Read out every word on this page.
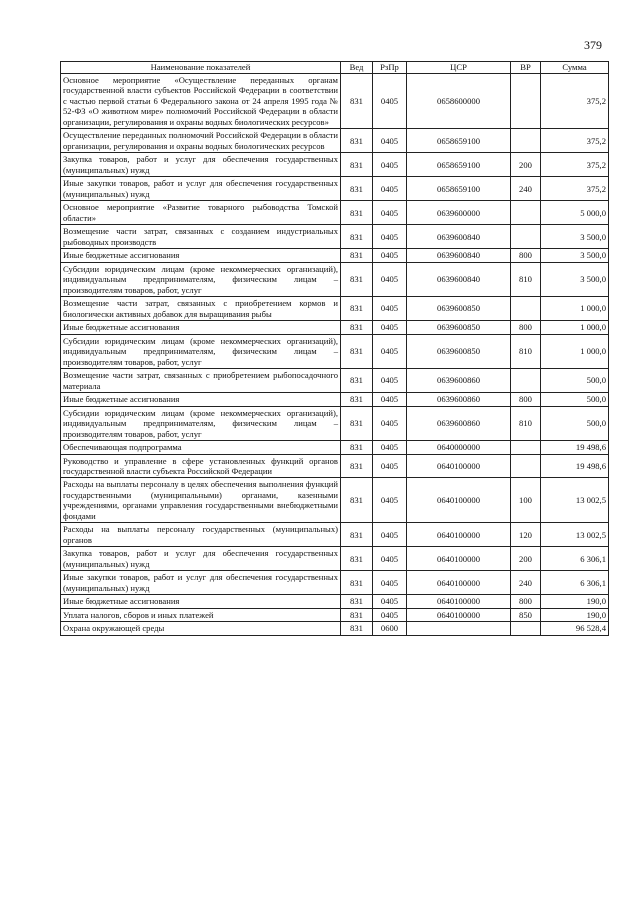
379
Наименование показателей	Вед	РзПр	ЦСР	ВР	Сумма
Основное мероприятие «Осуществление переданных органам государственной власти субъектов Российской Федерации в соответствии с частью первой статьи 6 Федерального закона от 24 апреля 1995 года № 52-ФЗ «О животном мире» полномочий Российской Федерации в области организации, регулирования и охраны водных биологических ресурсов»	831	0405	0658600000		375,2
Осуществление переданных полномочий Российской Федерации в области организации, регулирования и охраны водных биологических ресурсов	831	0405	0658659100		375,2
Закупка товаров, работ и услуг для обеспечения государственных (муниципальных) нужд	831	0405	0658659100	200	375,2
Иные закупки товаров, работ и услуг для обеспечения государственных (муниципальных) нужд	831	0405	0658659100	240	375,2
Основное мероприятие «Развитие товарного рыбоводства Томской области»	831	0405	0639600000		5 000,0
Возмещение части затрат, связанных с созданием индустриальных рыбоводных производств	831	0405	0639600840		3 500,0
Иные бюджетные ассигнования	831	0405	0639600840	800	3 500,0
Субсидии юридическим лицам (кроме некоммерческих организаций), индивидуальным предпринимателям, физическим лицам – производителям товаров, работ, услуг	831	0405	0639600840	810	3 500,0
Возмещение части затрат, связанных с приобретением кормов и биологически активных добавок для выращивания рыбы	831	0405	0639600850		1 000,0
Иные бюджетные ассигнования	831	0405	0639600850	800	1 000,0
Субсидии юридическим лицам (кроме некоммерческих организаций), индивидуальным предпринимателям, физическим лицам – производителям товаров, работ, услуг	831	0405	0639600850	810	1 000,0
Возмещение части затрат, связанных с приобретением рыбопосадочного материала	831	0405	0639600860		500,0
Иные бюджетные ассигнования	831	0405	0639600860	800	500,0
Субсидии юридическим лицам (кроме некоммерческих организаций), индивидуальным предпринимателям, физическим лицам – производителям товаров, работ, услуг	831	0405	0639600860	810	500,0
Обеспечивающая подпрограмма	831	0405	0640000000		19 498,6
Руководство и управление в сфере установленных функций органов государственной власти субъекта Российской Федерации	831	0405	0640100000		19 498,6
Расходы на выплаты персоналу в целях обеспечения выполнения функций государственными (муниципальными) органами, казенными учреждениями, органами управления государственными внебюджетными фондами	831	0405	0640100000	100	13 002,5
Расходы на выплаты персоналу государственных (муниципальных) органов	831	0405	0640100000	120	13 002,5
Закупка товаров, работ и услуг для обеспечения государственных (муниципальных) нужд	831	0405	0640100000	200	6 306,1
Иные закупки товаров, работ и услуг для обеспечения государственных (муниципальных) нужд	831	0405	0640100000	240	6 306,1
Иные бюджетные ассигнования	831	0405	0640100000	800	190,0
Уплата налогов, сборов и иных платежей	831	0405	0640100000	850	190,0
Охрана окружающей среды	831	0600			96 528,4
